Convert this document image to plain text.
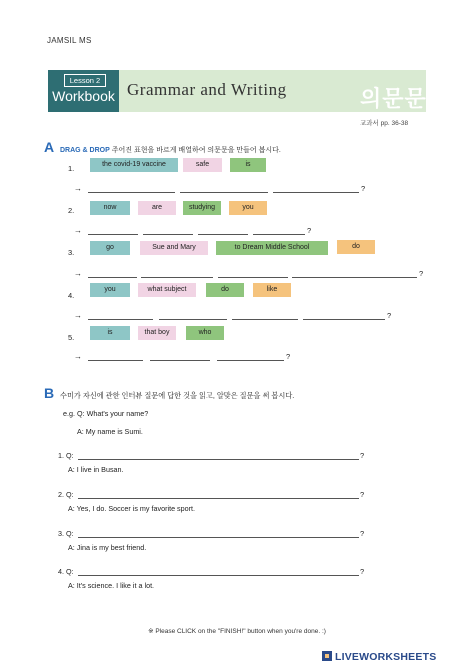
JAMSIL MS
Lesson 2
Workbook Grammar and Writing	의문문
교과서 pp. 36-38
A DRAG & DROP 주어진 표현을 바르게 배열하여 의문문을 만들어 봅시다.
1.	the covid-19 vaccine	safe	is
→	?
2.	now	are	studying	you
→	?
3.
go	Sue and Mary	to Dream Middle School	do
→	?
4.
you	what subject	do	like
→	?
5.
is	that boy	who
→	?
B 수미가 자신에 관한 인터뷰 질문에 답한 것을 읽고, 알맞은 질문을 써 봅시다.
e.g. Q: What's your name?
A: My name is Sumi.
1. Q:	?
A: I live in Busan.
2. Q:	?
A: Yes, I do. Soccer is my favorite sport.
3. Q:	?
A: Jina is my best friend.
4. Q:	?
A: It's science. I like it a lot.
※ Please CLICK on the "FINISH!" button when you're done. :)
LIVEWORKSHEETS
